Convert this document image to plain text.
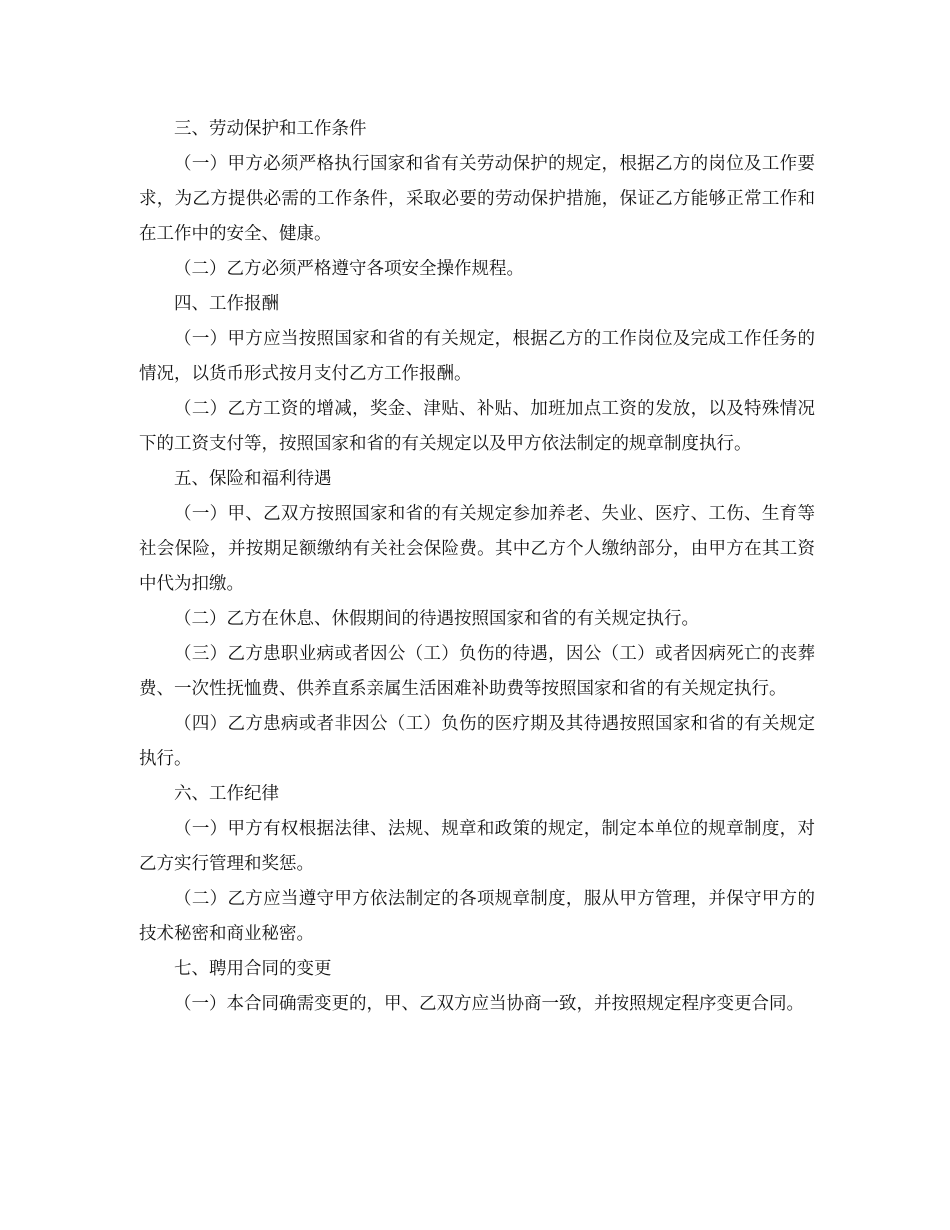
三、劳动保护和工作条件

（一）甲方必须严格执行国家和省有关劳动保护的规定，根据乙方的岗位及工作要求，为乙方提供必需的工作条件，采取必要的劳动保护措施，保证乙方能够正常工作和在工作中的安全、健康。

（二）乙方必须严格遵守各项安全操作规程。

四、工作报酬

（一）甲方应当按照国家和省的有关规定，根据乙方的工作岗位及完成工作任务的情况，以货币形式按月支付乙方工作报酬。

（二）乙方工资的增减，奖金、津贴、补贴、加班加点工资的发放，以及特殊情况下的工资支付等，按照国家和省的有关规定以及甲方依法制定的规章制度执行。

五、保险和福利待遇

（一）甲、乙双方按照国家和省的有关规定参加养老、失业、医疗、工伤、生育等社会保险，并按期足额缴纳有关社会保险费。其中乙方个人缴纳部分，由甲方在其工资中代为扣缴。

（二）乙方在休息、休假期间的待遇按照国家和省的有关规定执行。

（三）乙方患职业病或者因公（工）负伤的待遇，因公（工）或者因病死亡的丧葬费、一次性抚恤费、供养直系亲属生活困难补助费等按照国家和省的有关规定执行。

（四）乙方患病或者非因公（工）负伤的医疗期及其待遇按照国家和省的有关规定执行。

六、工作纪律

（一）甲方有权根据法律、法规、规章和政策的规定，制定本单位的规章制度，对乙方实行管理和奖惩。

（二）乙方应当遵守甲方依法制定的各项规章制度，服从甲方管理，并保守甲方的技术秘密和商业秘密。

七、聘用合同的变更

（一）本合同确需变更的，甲、乙双方应当协商一致，并按照规定程序变更合同。
